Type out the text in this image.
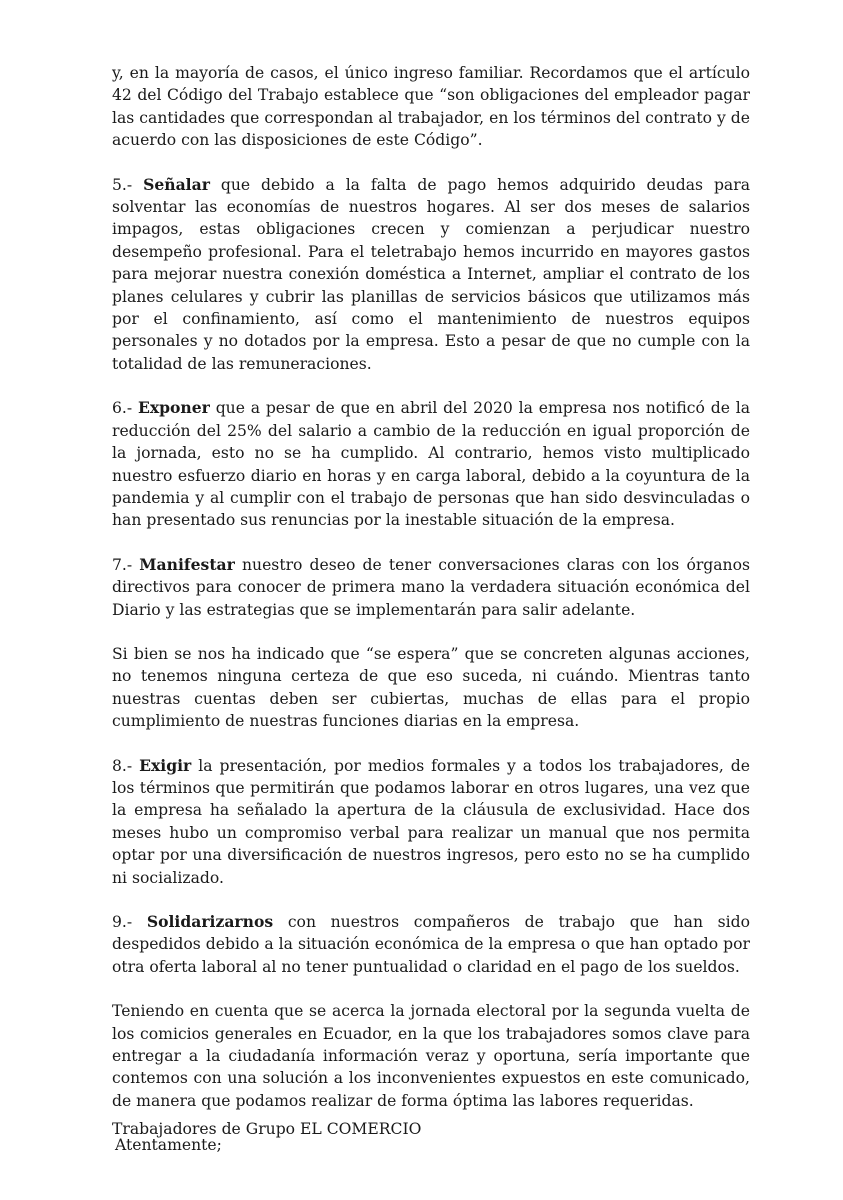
y, en la mayoría de casos, el único ingreso familiar. Recordamos que el artículo 42 del Código del Trabajo establece que “son obligaciones del empleador pagar las cantidades que correspondan al trabajador, en los términos del contrato y de acuerdo con las disposiciones de este Código”.

5.- Señalar que debido a la falta de pago hemos adquirido deudas para solventar las economías de nuestros hogares. Al ser dos meses de salarios impagos, estas obligaciones crecen y comienzan a perjudicar nuestro desempeño profesional. Para el teletrabajo hemos incurrido en mayores gastos para mejorar nuestra conexión doméstica a Internet, ampliar el contrato de los planes celulares y cubrir las planillas de servicios básicos que utilizamos más por el confinamiento, así como el mantenimiento de nuestros equipos personales y no dotados por la empresa. Esto a pesar de que no cumple con la totalidad de las remuneraciones.

6.- Exponer que a pesar de que en abril del 2020 la empresa nos notificó de la reducción del 25% del salario a cambio de la reducción en igual proporción de la jornada, esto no se ha cumplido. Al contrario, hemos visto multiplicado nuestro esfuerzo diario en horas y en carga laboral, debido a la coyuntura de la pandemia y al cumplir con el trabajo de personas que han sido desvinculadas o han presentado sus renuncias por la inestable situación de la empresa.

7.- Manifestar nuestro deseo de tener conversaciones claras con los órganos directivos para conocer de primera mano la verdadera situación económica del Diario y las estrategias que se implementarán para salir adelante.

Si bien se nos ha indicado que “se espera” que se concreten algunas acciones, no tenemos ninguna certeza de que eso suceda, ni cuándo. Mientras tanto nuestras cuentas deben ser cubiertas, muchas de ellas para el propio cumplimiento de nuestras funciones diarias en la empresa.

8.- Exigir la presentación, por medios formales y a todos los trabajadores, de los términos que permitirán que podamos laborar en otros lugares, una vez que la empresa ha señalado la apertura de la cláusula de exclusividad. Hace dos meses hubo un compromiso verbal para realizar un manual que nos permita optar por una diversificación de nuestros ingresos, pero esto no se ha cumplido ni socializado.

9.- Solidarizarnos con nuestros compañeros de trabajo que han sido despedidos debido a la situación económica de la empresa o que han optado por otra oferta laboral al no tener puntualidad o claridad en el pago de los sueldos.

Teniendo en cuenta que se acerca la jornada electoral por la segunda vuelta de los comicios generales en Ecuador, en la que los trabajadores somos clave para entregar a la ciudadanía información veraz y oportuna, sería importante que contemos con una solución a los inconvenientes expuestos en este comunicado, de manera que podamos realizar de forma óptima las labores requeridas.

Atentamente;

Trabajadores de Grupo EL COMERCIO
